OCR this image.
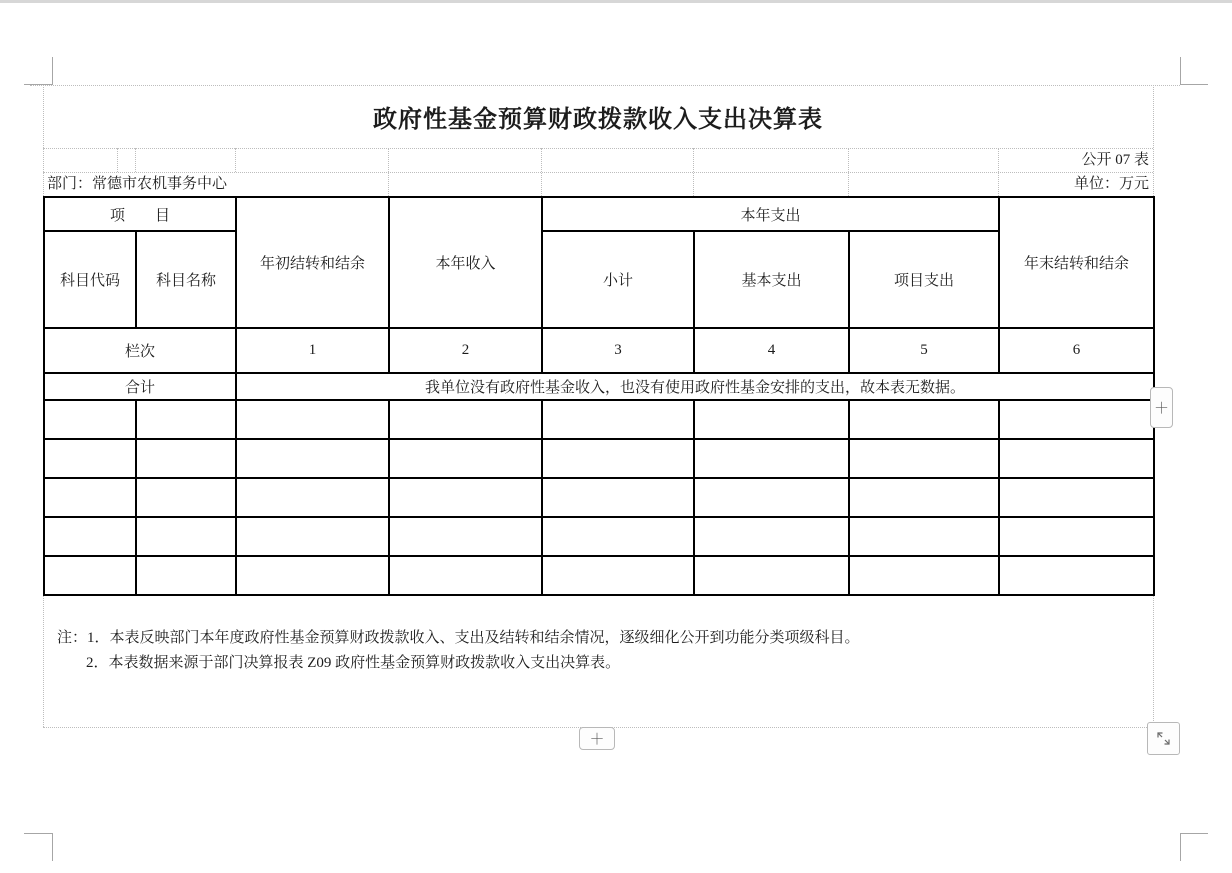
政府性基金预算财政拨款收入支出决算表
公开 07 表
部门：常德市农机事务中心	单位：万元
项　　目		年初结转和结余	本年收入	本年支出			年末结转和结余
科目代码	科目名称			小计	基本支出	项目支出	
栏次		1	2	3	4	5	6
合计		我单位没有政府性基金收入，也没有使用政府性基金安排的支出，故本表无数据。					

注：1．本表反映部门本年度政府性基金预算财政拨款收入、支出及结转和结余情况，逐级细化公开到功能分类项级科目。
2．本表数据来源于部门决算报表 Z09 政府性基金预算财政拨款收入支出决算表。
＋
＋
